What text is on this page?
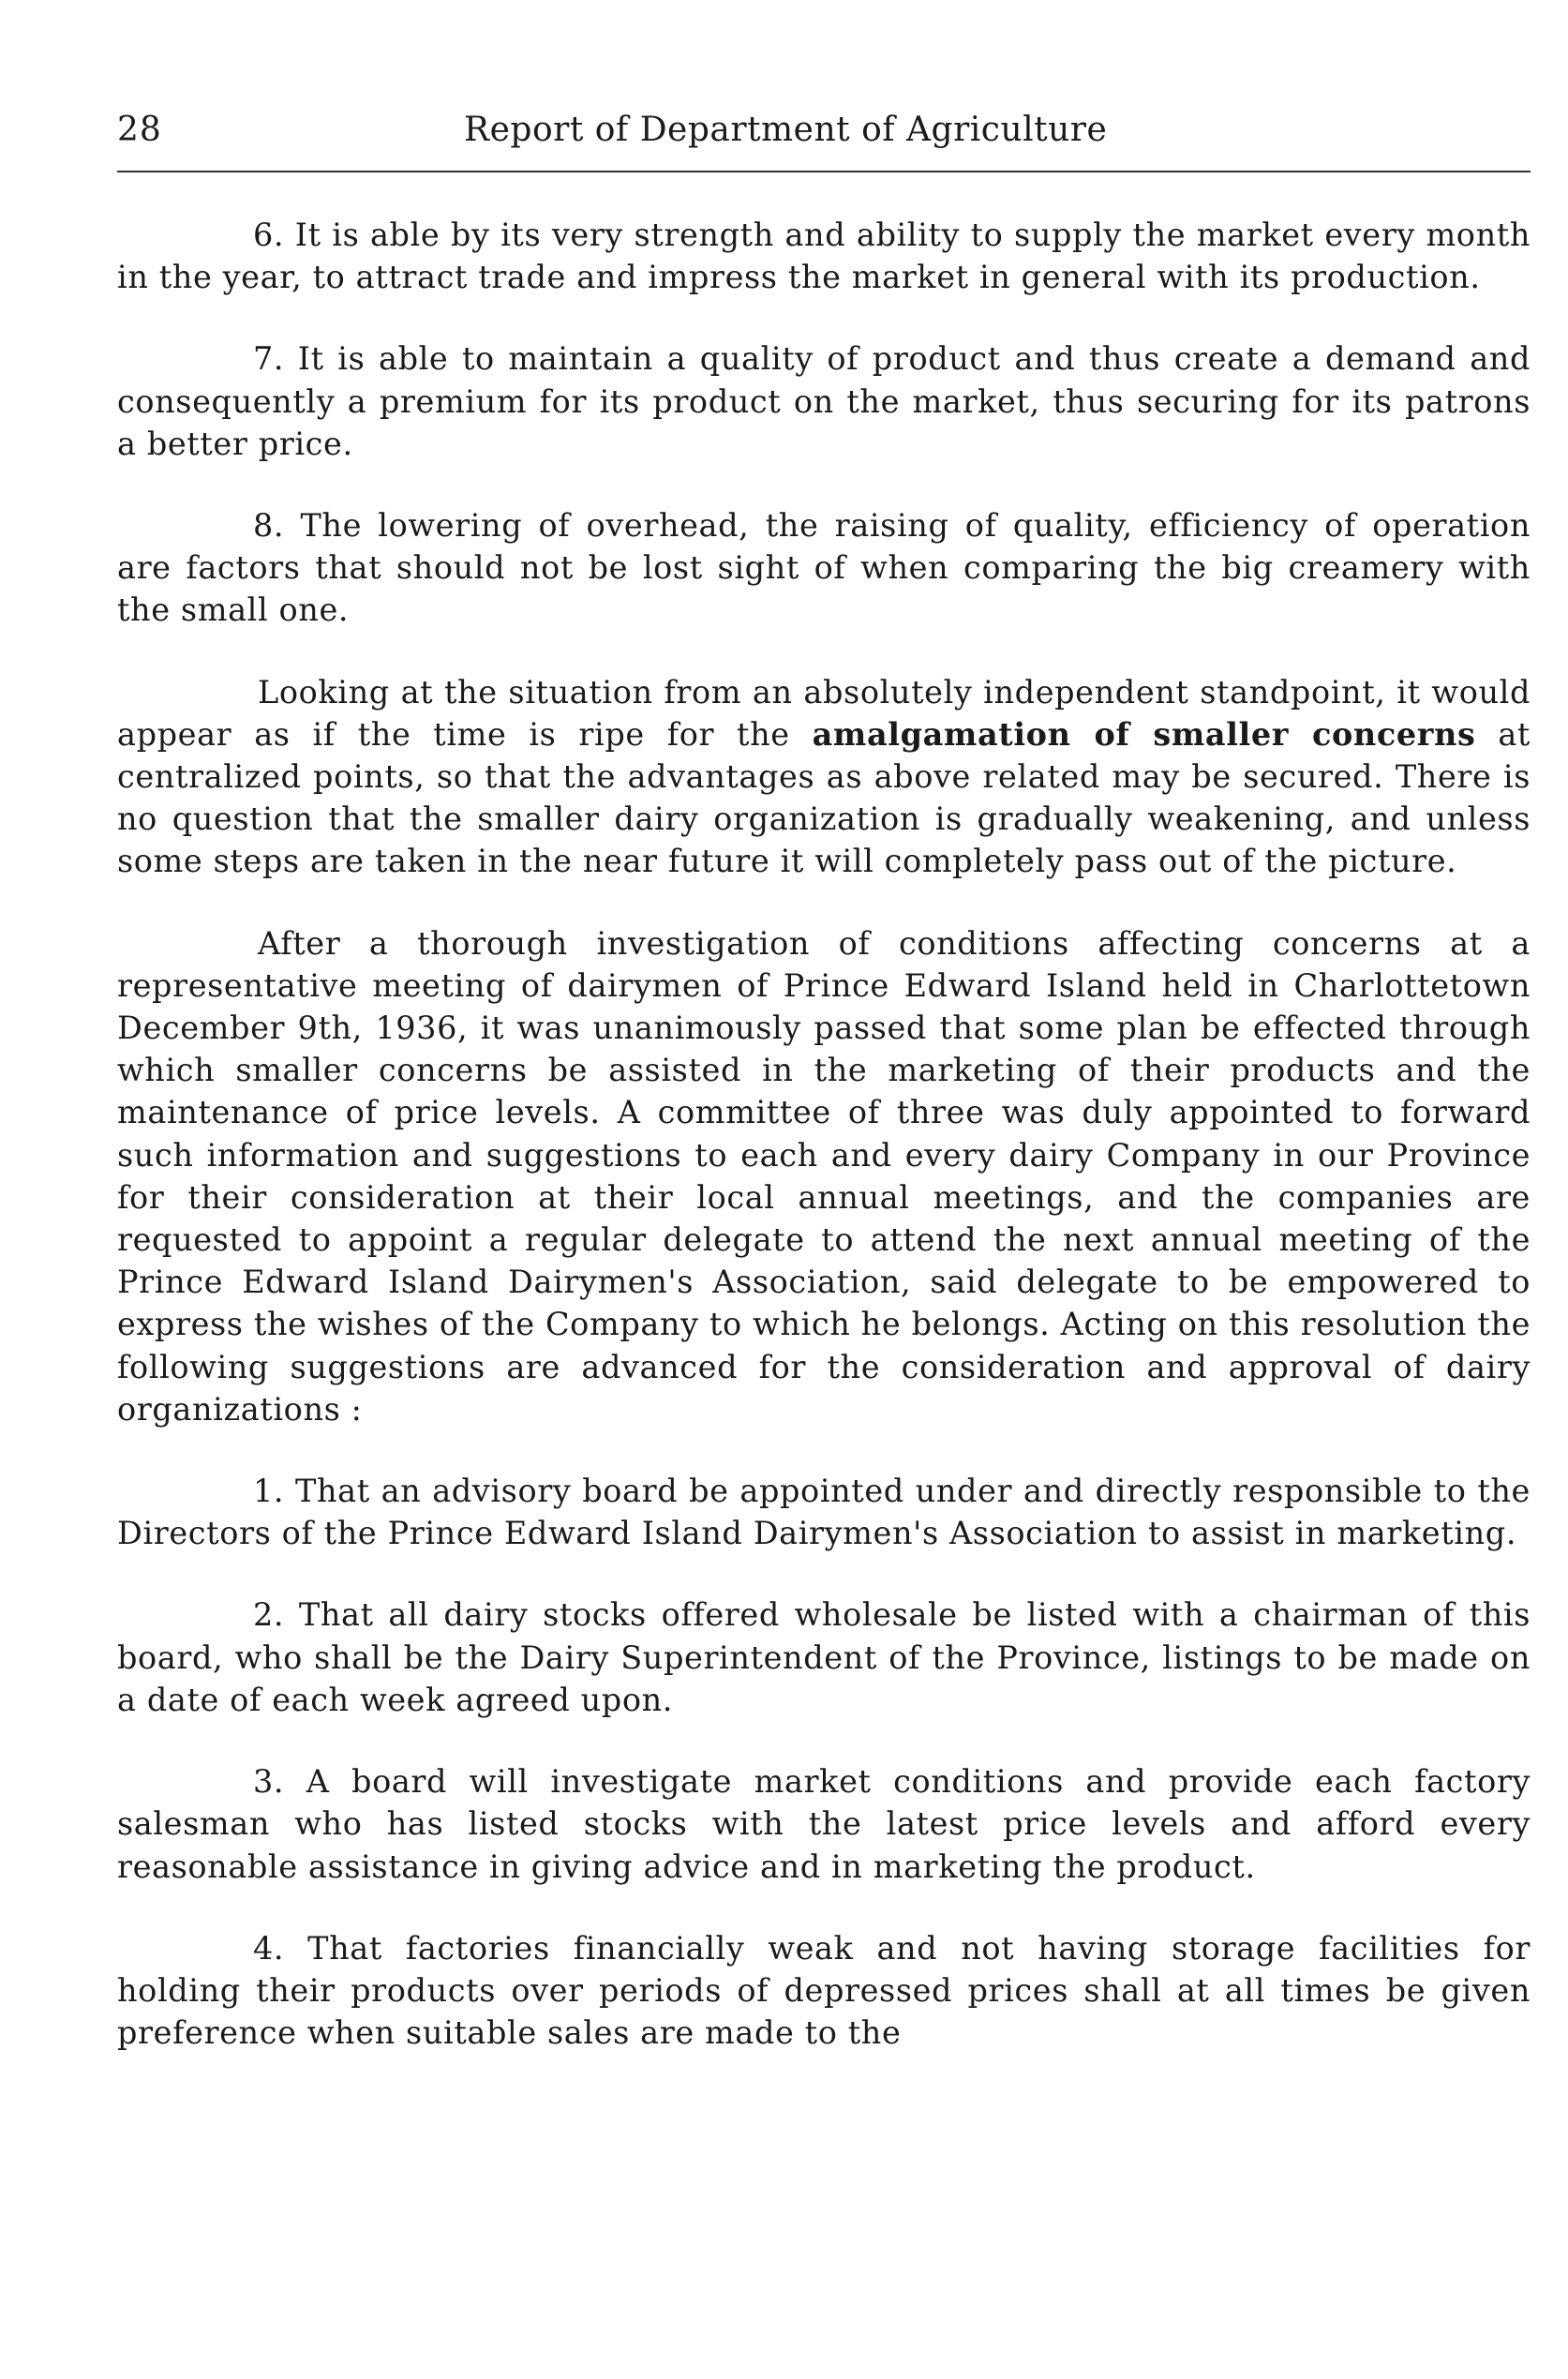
28	Report of Department of Agriculture

6. It is able by its very strength and ability to supply the market every month in the year, to attract trade and impress the market in general with its production.

7. It is able to maintain a quality of product and thus create a demand and consequently a premium for its product on the market, thus securing for its patrons a better price.

8. The lowering of overhead, the raising of quality, efficiency of operation are factors that should not be lost sight of when comparing the big creamery with the small one.

Looking at the situation from an absolutely independent standpoint, it would appear as if the time is ripe for the amalgamation of smaller concerns at centralized points, so that the advantages as above related may be secured. There is no question that the smaller dairy organization is gradually weakening, and unless some steps are taken in the near future it will completely pass out of the picture.

After a thorough investigation of conditions affecting concerns at a representative meeting of dairymen of Prince Edward Island held in Charlottetown December 9th, 1936, it was unanimously passed that some plan be effected through which smaller concerns be assisted in the marketing of their products and the maintenance of price levels. A committee of three was duly appointed to forward such information and suggestions to each and every dairy Company in our Province for their consideration at their local annual meetings, and the companies are requested to appoint a regular delegate to attend the next annual meeting of the Prince Edward Island Dairymen's Association, said delegate to be empowered to express the wishes of the Company to which he belongs. Acting on this resolution the following suggestions are advanced for the consideration and approval of dairy organizations :

1. That an advisory board be appointed under and directly responsible to the Directors of the Prince Edward Island Dairymen's Association to assist in marketing.

2. That all dairy stocks offered wholesale be listed with a chairman of this board, who shall be the Dairy Superintendent of the Province, listings to be made on a date of each week agreed upon.

3. A board will investigate market conditions and provide each factory salesman who has listed stocks with the latest price levels and afford every reasonable assistance in giving advice and in marketing the product.

4. That factories financially weak and not having storage facilities for holding their products over periods of depressed prices shall at all times be given preference when suitable sales are made to the
